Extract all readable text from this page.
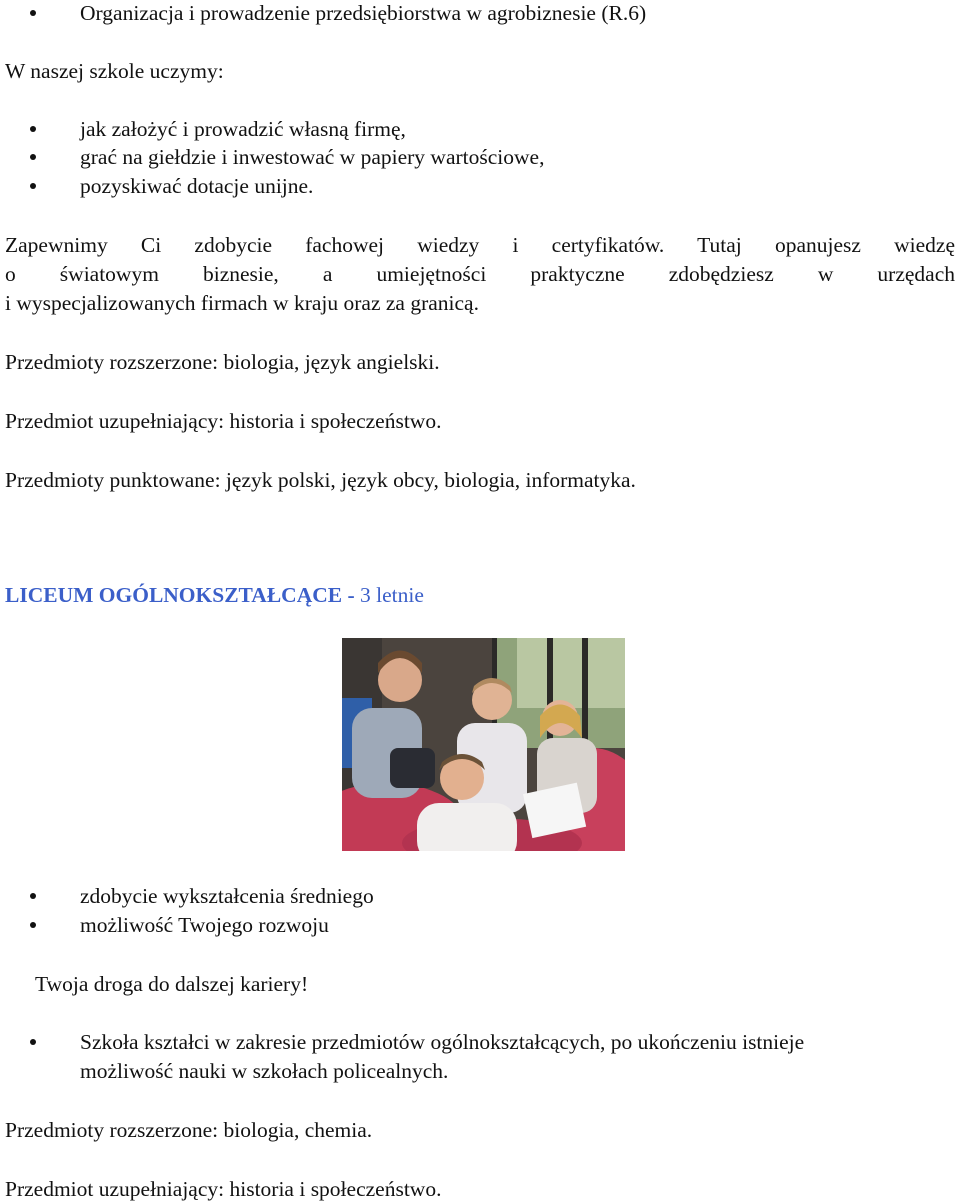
Organizacja i prowadzenie przedsiębiorstwa w agrobiznesie (R.6)
W naszej szkole uczymy:
jak założyć i prowadzić własną firmę,
grać na giełdzie i inwestować w papiery wartościowe,
pozyskiwać dotacje unijne.
Zapewnimy Ci zdobycie fachowej wiedzy i certyfikatów. Tutaj opanujesz wiedzę
o światowym biznesie, a umiejętności praktyczne zdobędziesz w urzędach
i wyspecjalizowanych firmach w kraju oraz za granicą.
Przedmioty rozszerzone: biologia, język angielski.
Przedmiot uzupełniający: historia i społeczeństwo.
Przedmioty punktowane: język polski, język obcy, biologia, informatyka.
LICEUM OGÓLNOKSZTAŁCĄCE - 3 letnie
zdobycie wykształcenia średniego
możliwość Twojego rozwoju
Twoja droga do dalszej kariery!
Szkoła kształci w zakresie przedmiotów ogólnokształcących, po ukończeniu istnieje
możliwość nauki w szkołach policealnych.
Przedmioty rozszerzone: biologia, chemia.
Przedmiot uzupełniający: historia i społeczeństwo.
